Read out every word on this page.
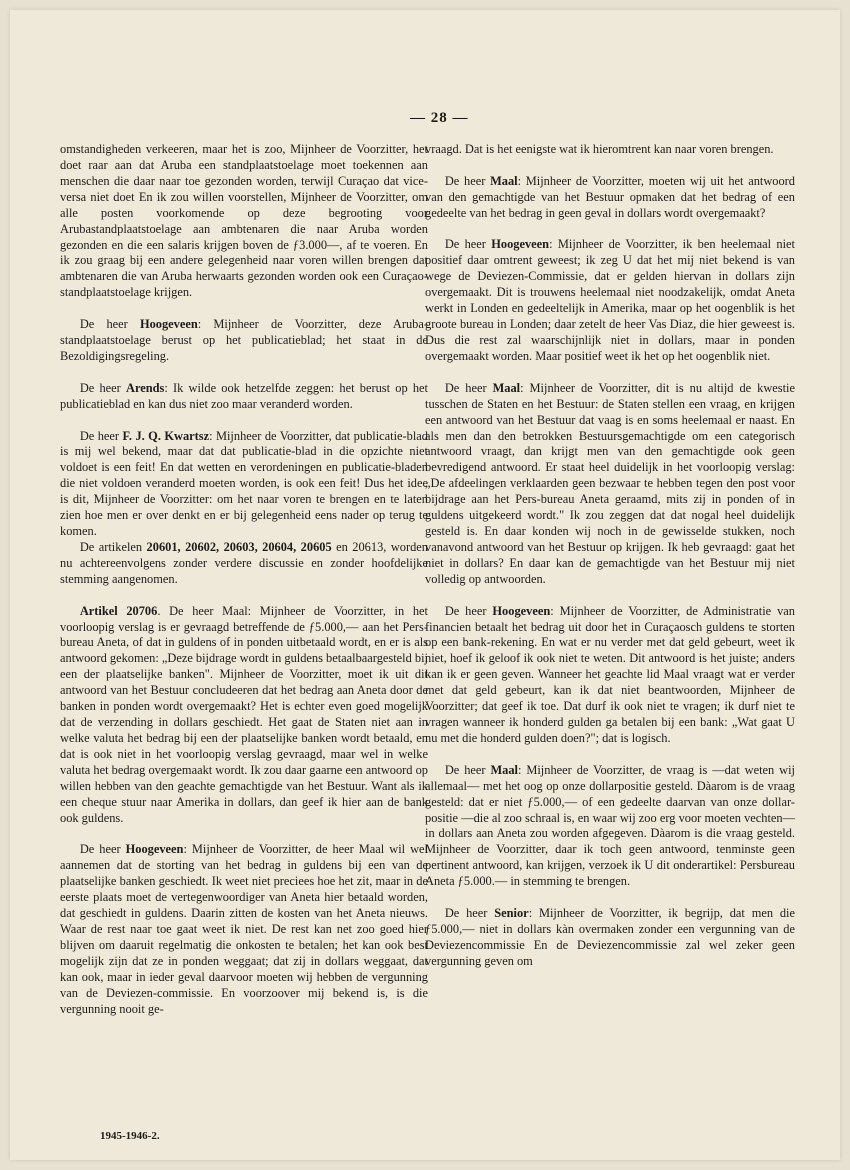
— 28 —

omstandigheden verkeeren, maar het is zoo, Mijnheer de Voorzitter, het doet raar aan dat Aruba een standplaatstoelage moet toekennen aan menschen die daar naar toe gezonden worden, terwijl Curaçao dat vice-versa niet doet En ik zou willen voorstellen, Mijnheer de Voorzitter, om alle posten voorkomende op deze begrooting voor Arubastandplaatstoelage aan ambtenaren die naar Aruba worden gezonden en die een salaris krijgen boven de ƒ3.000—, af te voeren. En ik zou graag bij een andere gelegenheid naar voren willen brengen dat ambtenaren die van Aruba herwaarts gezonden worden ook een Curaçao-standplaatstoelage krijgen.

De heer Hoogeveen: Mijnheer de Voorzitter, deze Aruba-standplaatstoelage berust op het publicatieblad; het staat in de Bezoldigingsregeling.

De heer Arends: Ik wilde ook hetzelfde zeggen: het berust op het publicatieblad en kan dus niet zoo maar veranderd worden.

De heer F. J. Q. Kwartsz: Mijnheer de Voorzitter, dat publicatie-blad is mij wel bekend, maar dat dat publicatie-blad in die opzichte niet voldoet is een feit! En dat wetten en verordeningen en publicatie-bladen die niet voldoen veranderd moeten worden, is ook een feit! Dus het idee is dit, Mijnheer de Voorzitter: om het naar voren te brengen en te laten zien hoe men er over denkt en er bij gelegenheid eens nader op terug te komen.

De artikelen 20601, 20602, 20603, 20604, 20605 en 20613, worden nu achtereenvolgens zonder verdere discussie en zonder hoofdelijke stemming aangenomen.

Artikel 20706. De heer Maal: Mijnheer de Voorzitter, in het voorloopig verslag is er gevraagd betreffende de ƒ5.000,— aan het Pers-bureau Aneta, of dat in guldens of in ponden uitbetaald wordt, en er is als antwoord gekomen: „Deze bijdrage wordt in guldens betaalbaargesteld bij een der plaatselijke banken". Mijnheer de Voorzitter, moet ik uit dit antwoord van het Bestuur concludeeren dat het bedrag aan Aneta door de banken in ponden wordt overgemaakt? Het is echter even goed mogelijk dat de verzending in dollars geschiedt. Het gaat de Staten niet aan in welke valuta het bedrag bij een der plaatselijke banken wordt betaald, en dat is ook niet in het voorloopig verslag gevraagd, maar wel in welke valuta het bedrag overgemaakt wordt. Ik zou daar gaarne een antwoord op willen hebben van den geachte gemachtigde van het Bestuur. Want als ik een cheque stuur naar Amerika in dollars, dan geef ik hier aan de bank ook guldens.

De heer Hoogeveen: Mijnheer de Voorzitter, de heer Maal wil wel aannemen dat de storting van het bedrag in guldens bij een van de plaatselijke banken geschiedt. Ik weet niet preciees hoe het zit, maar in de eerste plaats moet de vertegenwoordiger van Aneta hier betaald worden, dat geschiedt in guldens. Daarin zitten de kosten van het Aneta nieuws. Waar de rest naar toe gaat weet ik niet. De rest kan net zoo goed hier blijven om daaruit regelmatig die onkosten te betalen; het kan ook best mogelijk zijn dat ze in ponden weggaat; dat zij in dollars weggaat, dat kan ook, maar in ieder geval daarvoor moeten wij hebben de vergunning van de Deviezen-commissie. En voorzoover mij bekend is, is die vergunning nooit ge-

vraagd. Dat is het eenigste wat ik hieromtrent kan naar voren brengen.

De heer Maal: Mijnheer de Voorzitter, moeten wij uit het antwoord van den gemachtigde van het Bestuur opmaken dat het bedrag of een gedeelte van het bedrag in geen geval in dollars wordt overgemaakt?

De heer Hoogeveen: Mijnheer de Voorzitter, ik ben heelemaal niet positief daar omtrent geweest; ik zeg U dat het mij niet bekend is van wege de Deviezen-Commissie, dat er gelden hiervan in dollars zijn overgemaakt. Dit is trouwens heelemaal niet noodzakelijk, omdat Aneta werkt in Londen en gedeeltelijk in Amerika, maar op het oogenblik is het groote bureau in Londen; daar zetelt de heer Vas Diaz, die hier geweest is. Dus die rest zal waarschijnlijk niet in dollars, maar in ponden overgemaakt worden. Maar positief weet ik het op het oogenblik niet.

De heer Maal: Mijnheer de Voorzitter, dit is nu altijd de kwestie tusschen de Staten en het Bestuur: de Staten stellen een vraag, en krijgen een antwoord van het Bestuur dat vaag is en soms heelemaal er naast. En als men dan den betrokken Bestuursgemachtigde om een categorisch antwoord vraagt, dan krijgt men van den gemachtigde ook geen bevredigend antwoord. Er staat heel duidelijk in het voorloopig verslag: „De afdeelingen verklaarden geen bezwaar te hebben tegen den post voor bijdrage aan het Pers-bureau Aneta geraamd, mits zij in ponden of in guldens uitgekeerd wordt." Ik zou zeggen dat dat nogal heel duidelijk gesteld is. En daar konden wij noch in de gewisselde stukken, noch vanavond antwoord van het Bestuur op krijgen. Ik heb gevraagd: gaat het niet in dollars? En daar kan de gemachtigde van het Bestuur mij niet volledig op antwoorden.

De heer Hoogeveen: Mijnheer de Voorzitter, de Administratie van financien betaalt het bedrag uit door het in Curaçaosch guldens te storten op een bank-rekening. En wat er nu verder met dat geld gebeurt, weet ik niet, hoef ik geloof ik ook niet te weten. Dit antwoord is het juiste; anders kan ik er geen geven. Wanneer het geachte lid Maal vraagt wat er verder met dat geld gebeurt, kan ik dat niet beantwoorden, Mijnheer de Voorzitter; dat geef ik toe. Dat durf ik ook niet te vragen; ik durf niet te vragen wanneer ik honderd gulden ga betalen bij een bank: „Wat gaat U nu met die honderd gulden doen?"; dat is logisch.

De heer Maal: Mijnheer de Voorzitter, de vraag is —dat weten wij allemaal— met het oog op onze dollarpositie gesteld. Dàarom is de vraag gesteld: dat er niet ƒ5.000,— of een gedeelte daarvan van onze dollar-positie —die al zoo schraal is, en waar wij zoo erg voor moeten vechten— in dollars aan Aneta zou worden afgegeven. Dàarom is die vraag gesteld. Mijnheer de Voorzitter, daar ik toch geen antwoord, tenminste geen pertinent antwoord, kan krijgen, verzoek ik U dit onderartikel: Persbureau Aneta ƒ5.000.— in stemming te brengen.

De heer Senior: Mijnheer de Voorzitter, ik begrijp, dat men die ƒ5.000,— niet in dollars kàn overmaken zonder een vergunning van de Deviezencommissie En de Deviezencommissie zal wel zeker geen vergunning geven om

1945-1946-2.
